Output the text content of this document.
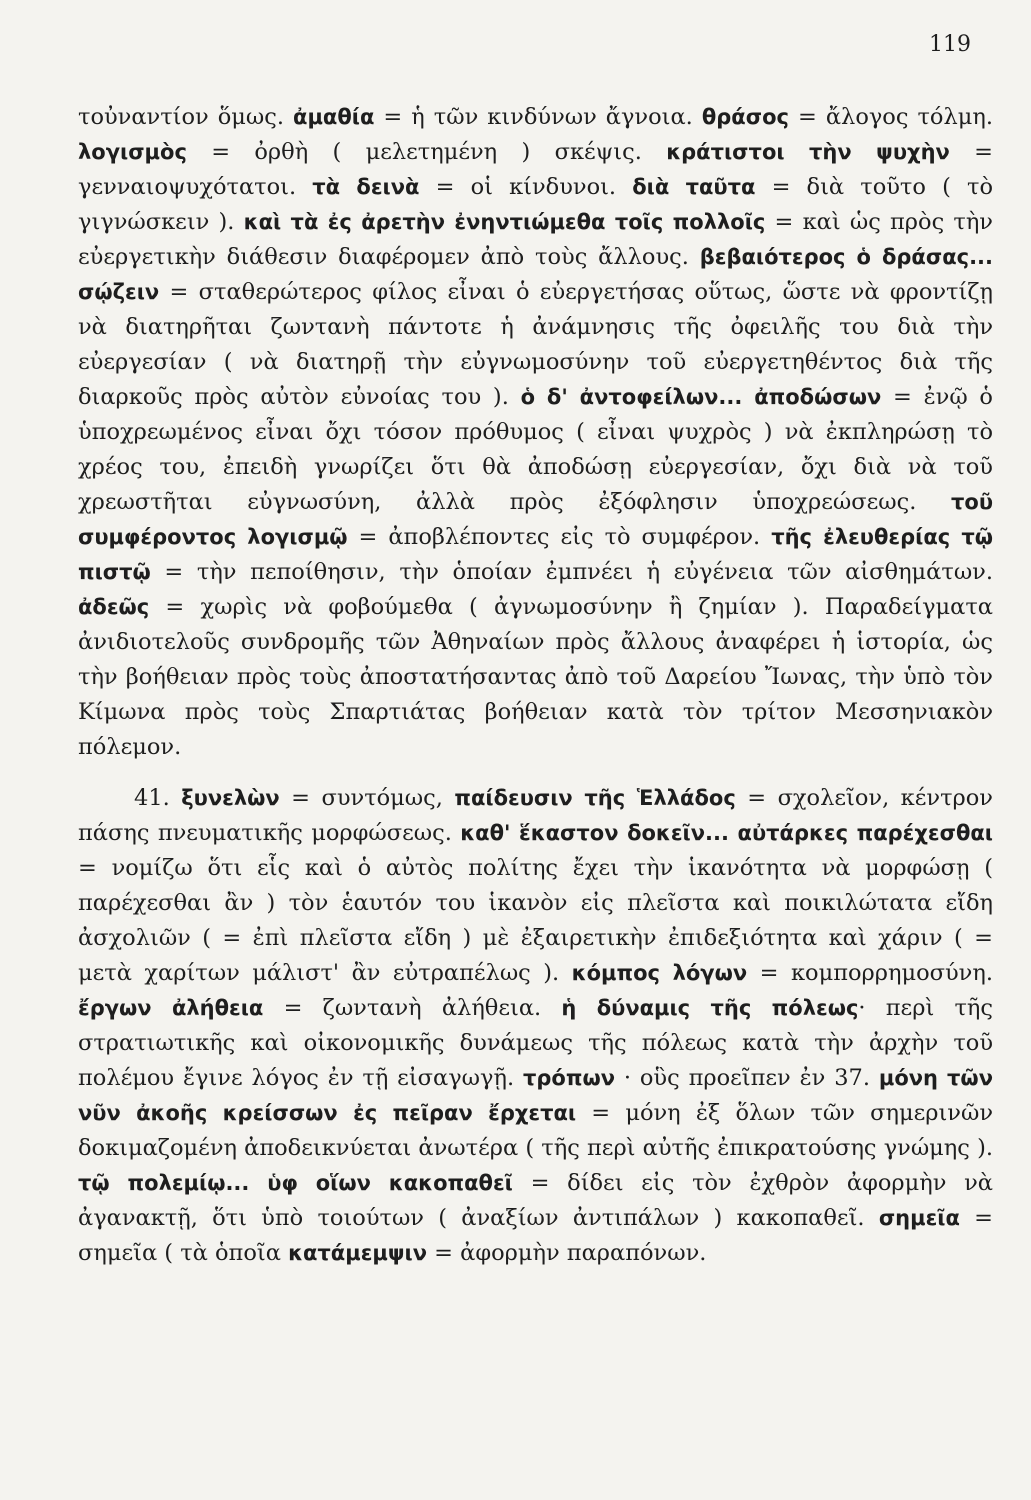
119

τοὐναντίον ὅμως. ἀμαθία = ἡ τῶν κινδύνων ἄγνοια. θράσος = ἄλογος τόλμη. λογισμὸς = ὀρθὴ ( μελετημένη ) σκέψις. κράτιστοι τὴν ψυχὴν = γενναιοψυχότατοι. τὰ δεινὰ = οἱ κίνδυνοι. διὰ ταῦτα = διὰ τοῦτο ( τὸ γιγνώσκειν ). καὶ τὰ ἐς ἀρετὴν ἐνηντιώμεθα τοῖς πολλοῖς = καὶ ὡς πρὸς τὴν εὐεργετικὴν διάθεσιν διαφέρομεν ἀπὸ τοὺς ἄλλους. βεβαιότερος ὁ δράσας... σῴζειν = σταθερώτερος φίλος εἶναι ὁ εὐεργετήσας οὕτως, ὥστε νὰ φροντίζῃ νὰ διατηρῆται ζωντανὴ πάντοτε ἡ ἀνάμνησις τῆς ὀφειλῆς του διὰ τὴν εὐεργεσίαν ( νὰ διατηρῇ τὴν εὐγνωμοσύνην τοῦ εὐεργετηθέντος διὰ τῆς διαρκοῦς πρὸς αὐτὸν εὐνοίας του ). ὁ δ' ἀντοφείλων... ἀποδώσων = ἐνῷ ὁ ὑποχρεωμένος εἶναι ὄχι τόσον πρόθυμος ( εἶναι ψυχρὸς ) νὰ ἐκπληρώσῃ τὸ χρέος του, ἐπειδὴ γνωρίζει ὅτι θὰ ἀποδώσῃ εὐεργεσίαν, ὄχι διὰ νὰ τοῦ χρεωστῆται εὐγνωσύνη, ἀλλὰ πρὸς ἐξόφλησιν ὑποχρεώσεως. τοῦ συμφέροντος λογισμῷ = ἀποβλέποντες εἰς τὸ συμφέρον. τῆς ἐλευθερίας τῷ πιστῷ = τὴν πεποίθησιν, τὴν ὁποίαν ἐμπνέει ἡ εὐγένεια τῶν αἰσθημάτων. ἀδεῶς = χωρὶς νὰ φοβούμεθα ( ἀγνωμοσύνην ἢ ζημίαν ). Παραδείγματα ἀνιδιοτελοῦς συνδρομῆς τῶν Ἀθηναίων πρὸς ἄλλους ἀναφέρει ἡ ἱστορία, ὡς τὴν βοήθειαν πρὸς τοὺς ἀποστατήσαντας ἀπὸ τοῦ Δαρείου Ἴωνας, τὴν ὑπὸ τὸν Κίμωνα πρὸς τοὺς Σπαρτιάτας βοήθειαν κατὰ τὸν τρίτον Μεσσηνιακὸν πόλεμον.

41. ξυνελὼν = συντόμως, παίδευσιν τῆς Ἑλλάδος = σχολεῖον, κέντρον πάσης πνευματικῆς μορφώσεως. καθ' ἕκαστον δοκεῖν... αὐτάρκες παρέχεσθαι = νομίζω ὅτι εἷς καὶ ὁ αὐτὸς πολίτης ἔχει τὴν ἱκανότητα νὰ μορφώσῃ ( παρέχεσθαι ἂν ) τὸν ἑαυτόν του ἱκανὸν εἰς πλεῖστα καὶ ποικιλώτατα εἴδη ἀσχολιῶν ( = ἐπὶ πλεῖστα εἴδη ) μὲ ἐξαιρετικὴν ἐπιδεξιότητα καὶ χάριν ( = μετὰ χαρίτων μάλιστ' ἂν εὐτραπέλως ). κόμπος λόγων = κομπορρημοσύνη. ἔργων ἀλήθεια = ζωντανὴ ἀλήθεια. ἡ δύναμις τῆς πόλεως· περὶ τῆς στρατιωτικῆς καὶ οἰκονομικῆς δυνάμεως τῆς πόλεως κατὰ τὴν ἀρχὴν τοῦ πολέμου ἔγινε λόγος ἐν τῇ εἰσαγωγῇ. τρόπων · οὓς προεῖπεν ἐν 37. μόνη τῶν νῦν ἀκοῆς κρείσσων ἐς πεῖραν ἔρχεται = μόνη ἐξ ὅλων τῶν σημερινῶν δοκιμαζομένη ἀποδεικνύεται ἀνωτέρα ( τῆς περὶ αὐτῆς ἐπικρατούσης γνώμης ). τῷ πολεμίῳ... ὑφ οἵων κακοπαθεῖ = δίδει εἰς τὸν ἐχθρὸν ἀφορμὴν νὰ ἀγανακτῇ, ὅτι ὑπὸ τοιούτων ( ἀναξίων ἀντιπάλων ) κακοπαθεῖ. σημεῖα = σημεῖα ( τὰ ὁποῖα κατάμεμψιν = ἀφορμὴν παραπόνων.
